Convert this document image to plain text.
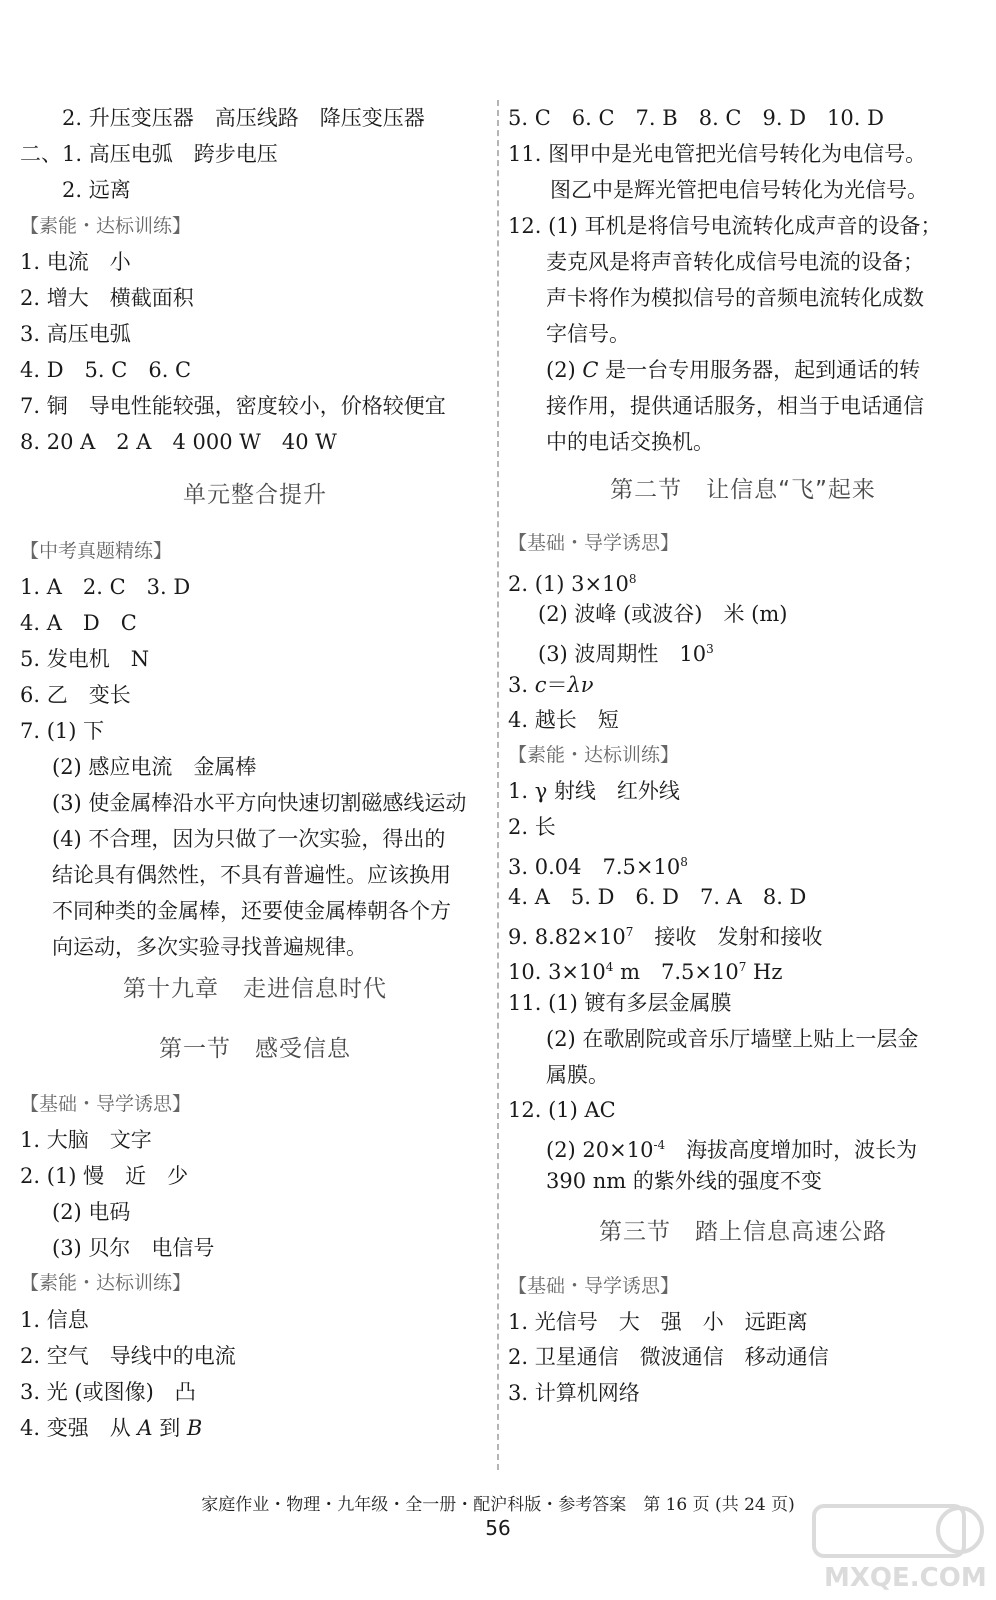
2. 升压变压器　高压线路　降压变压器
二、1. 高压电弧　跨步电压
2. 远离
【素能・达标训练】
1. 电流　小
2. 增大　横截面积
3. 高压电弧
4. D　5. C　6. C
7. 铜　导电性能较强，密度较小，价格较便宜
8. 20 A　2 A　4 000 W　40 W
单元整合提升
【中考真题精练】
1. A　2. C　3. D
4. A　D　C
5. 发电机　N
6. 乙　变长
7. (1) 下
(2) 感应电流　金属棒
(3) 使金属棒沿水平方向快速切割磁感线运动
(4) 不合理，因为只做了一次实验，得出的
结论具有偶然性，不具有普遍性。应该换用
不同种类的金属棒，还要使金属棒朝各个方
向运动，多次实验寻找普遍规律。
第十九章　走进信息时代
第一节　感受信息
【基础・导学诱思】
1. 大脑　文字
2. (1) 慢　近　少
(2) 电码
(3) 贝尔　电信号
【素能・达标训练】
1. 信息
2. 空气　导线中的电流
3. 光 (或图像)　凸
4. 变强　从 A 到 B
5. C　6. C　7. B　8. C　9. D　10. D
11. 图甲中是光电管把光信号转化为电信号。
图乙中是辉光管把电信号转化为光信号。
12. (1) 耳机是将信号电流转化成声音的设备；
麦克风是将声音转化成信号电流的设备；
声卡将作为模拟信号的音频电流转化成数
字信号。
(2) C 是一台专用服务器，起到通话的转
接作用，提供通话服务，相当于电话通信
中的电话交换机。
第二节　让信息“飞”起来
【基础・导学诱思】
2. (1) $3\times 10^8$
(2) 波峰 (或波谷)　米 (m)
(3) 波周期性　$10^3$
3. c＝λν
4. 越长　短
【素能・达标训练】
1. γ 射线　红外线
2. 长
3. 0.04　$7.5\times 10^8$
4. A　5. D　6. D　7. A　8. D
9. $8.82\times 10^7$　接收　发射和接收
10. $3\times 10^4$ m　$7.5\times 10^7$ Hz
11. (1) 镀有多层金属膜
(2) 在歌剧院或音乐厅墙壁上贴上一层金
属膜。
12. (1) AC
(2) $20\times 10^{-4}$　海拔高度增加时，波长为
390 nm 的紫外线的强度不变
第三节　踏上信息高速公路
【基础・导学诱思】
1. 光信号　大　强　小　远距离
2. 卫星通信　微波通信　移动通信
3. 计算机网络
家庭作业・物理・九年级・全一册・配沪科版・参考答案　第 16 页 (共 24 页)
56
MXQE.COM
